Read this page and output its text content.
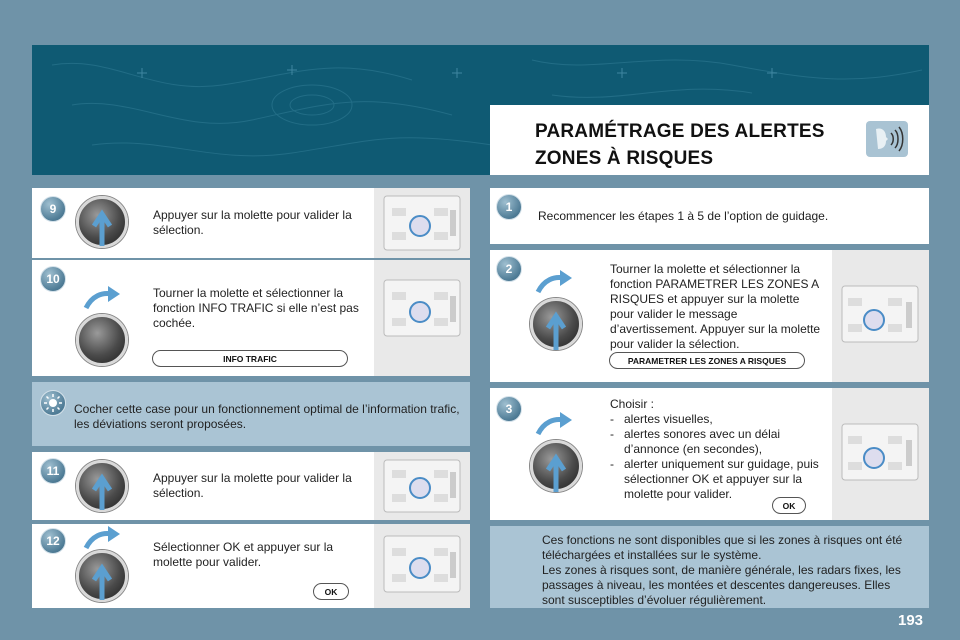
PARAMÉTRAGE DES ALERTES
ZONES À RISQUES
9	Appuyer sur la molette pour valider la sélection.
10
Tourner la molette et sélectionner la fonction INFO TRAFIC si elle n’est pas cochée.
INFO TRAFIC
Cocher cette case pour un fonctionnement optimal de l’information trafic, les déviations seront proposées.
11	Appuyer sur la molette pour valider la sélection.
12	Sélectionner OK et appuyer sur la molette pour valider.
OK
1
Recommencer les étapes 1 à 5 de l’option de guidage.
2	Tourner la molette et sélectionner la fonction PARAMETRER LES ZONES A RISQUES et appuyer sur la molette pour valider le message d’avertissement. Appuyer sur la molette pour valider la sélection.
PARAMETRER LES ZONES A RISQUES
3	Choisir :
- alertes visuelles,
- alertes sonores avec un délai d’annonce (en secondes),
- alerter uniquement sur guidage, puis sélectionner OK et appuyer sur la molette pour valider.
OK
Ces fonctions ne sont disponibles que si les zones à risques ont été téléchargées et installées sur le système.
Les zones à risques sont, de manière générale, les radars fixes, les passages à niveau, les montées et descentes dangereuses. Elles sont susceptibles d’évoluer régulièrement.
193
